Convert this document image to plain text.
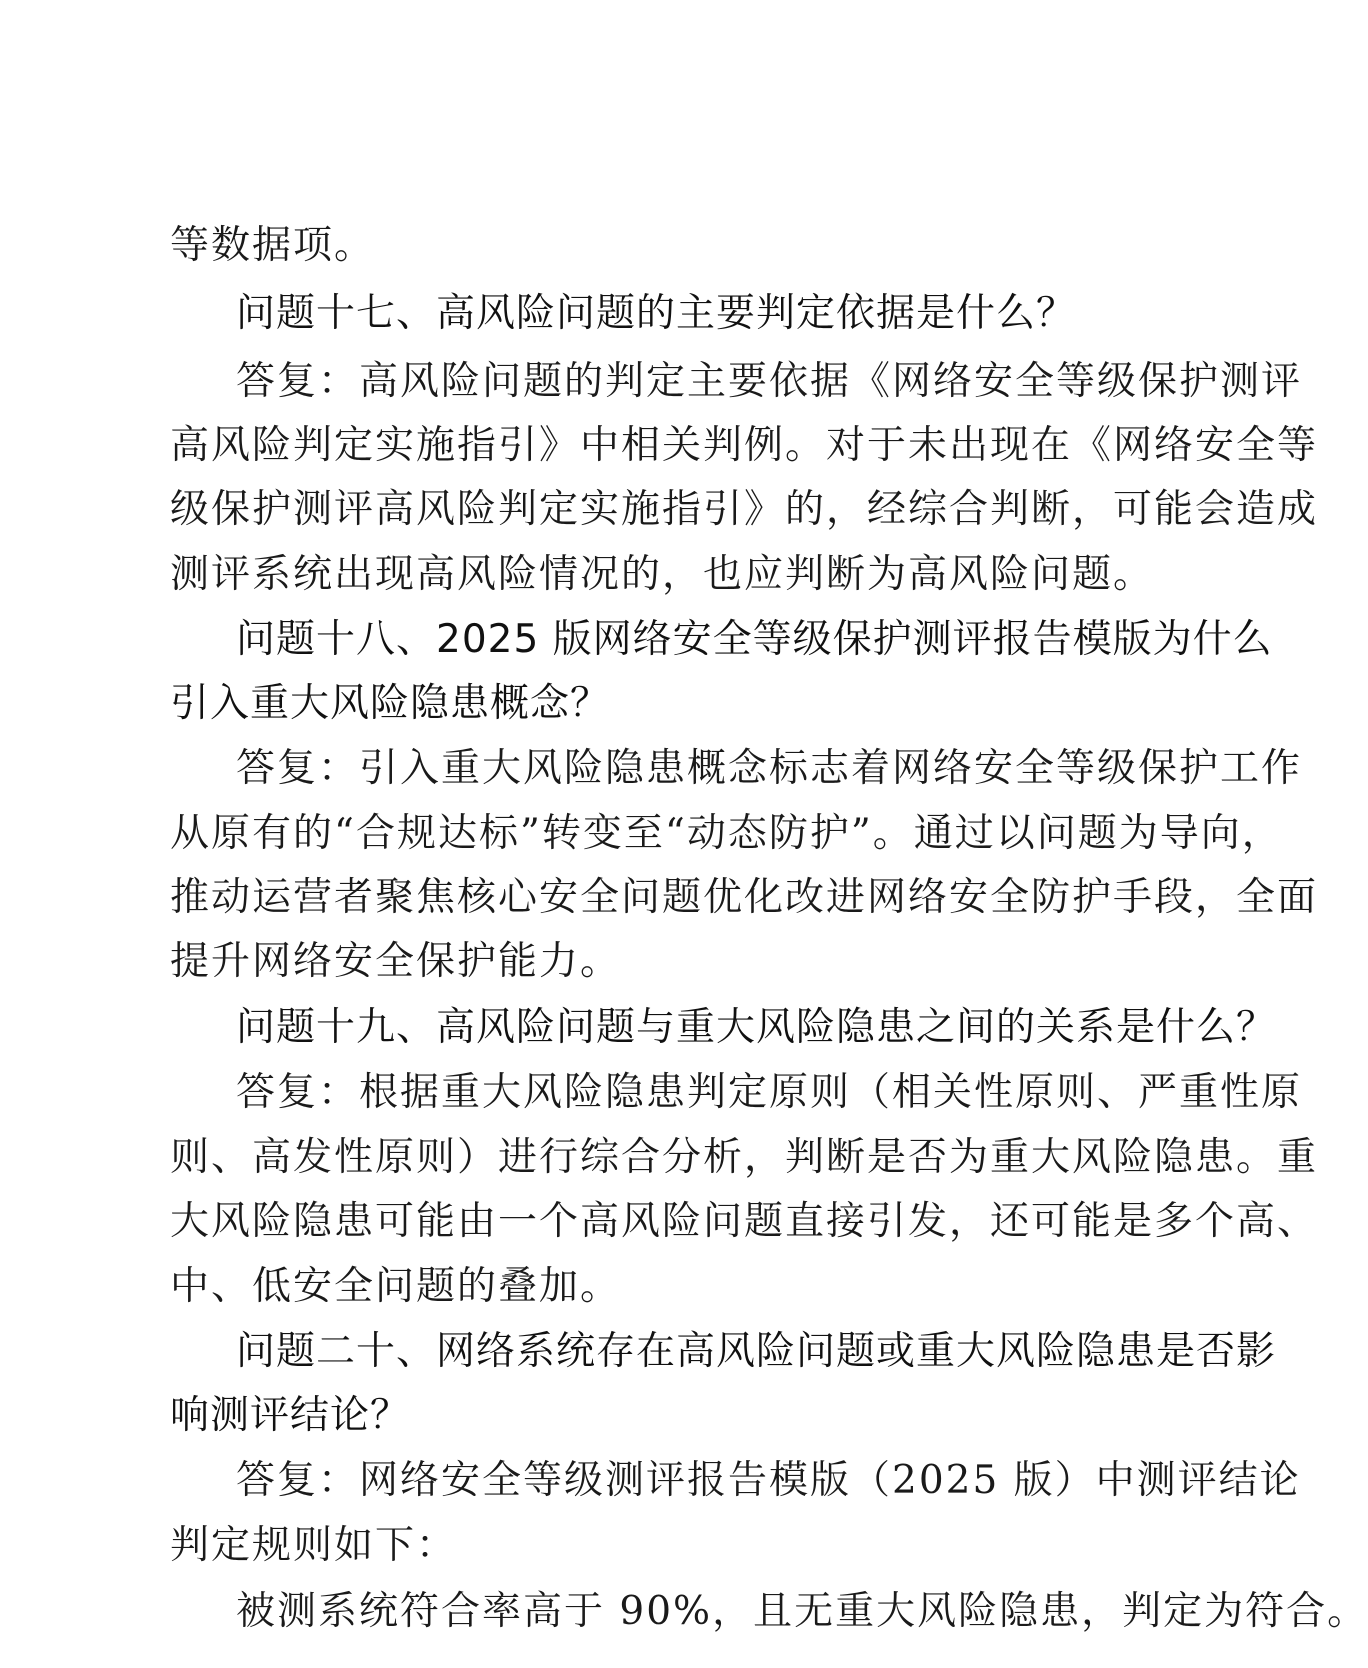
等数据项。
问题十七、高风险问题的主要判定依据是什么？
答复：高风险问题的判定主要依据《网络安全等级保护测评
高风险判定实施指引》中相关判例。对于未出现在《网络安全等
级保护测评高风险判定实施指引》的，经综合判断，可能会造成
测评系统出现高风险情况的，也应判断为高风险问题。
问题十八、2025 版网络安全等级保护测评报告模版为什么
引入重大风险隐患概念？
答复：引入重大风险隐患概念标志着网络安全等级保护工作
从原有的“合规达标”转变至“动态防护”。通过以问题为导向，
推动运营者聚焦核心安全问题优化改进网络安全防护手段，全面
提升网络安全保护能力。
问题十九、高风险问题与重大风险隐患之间的关系是什么？
答复：根据重大风险隐患判定原则（相关性原则、严重性原
则、高发性原则）进行综合分析，判断是否为重大风险隐患。重
大风险隐患可能由一个高风险问题直接引发，还可能是多个高、
中、低安全问题的叠加。
问题二十、网络系统存在高风险问题或重大风险隐患是否影
响测评结论？
答复：网络安全等级测评报告模版（2025 版）中测评结论
判定规则如下：
被测系统符合率高于 90%，且无重大风险隐患，判定为符合。
